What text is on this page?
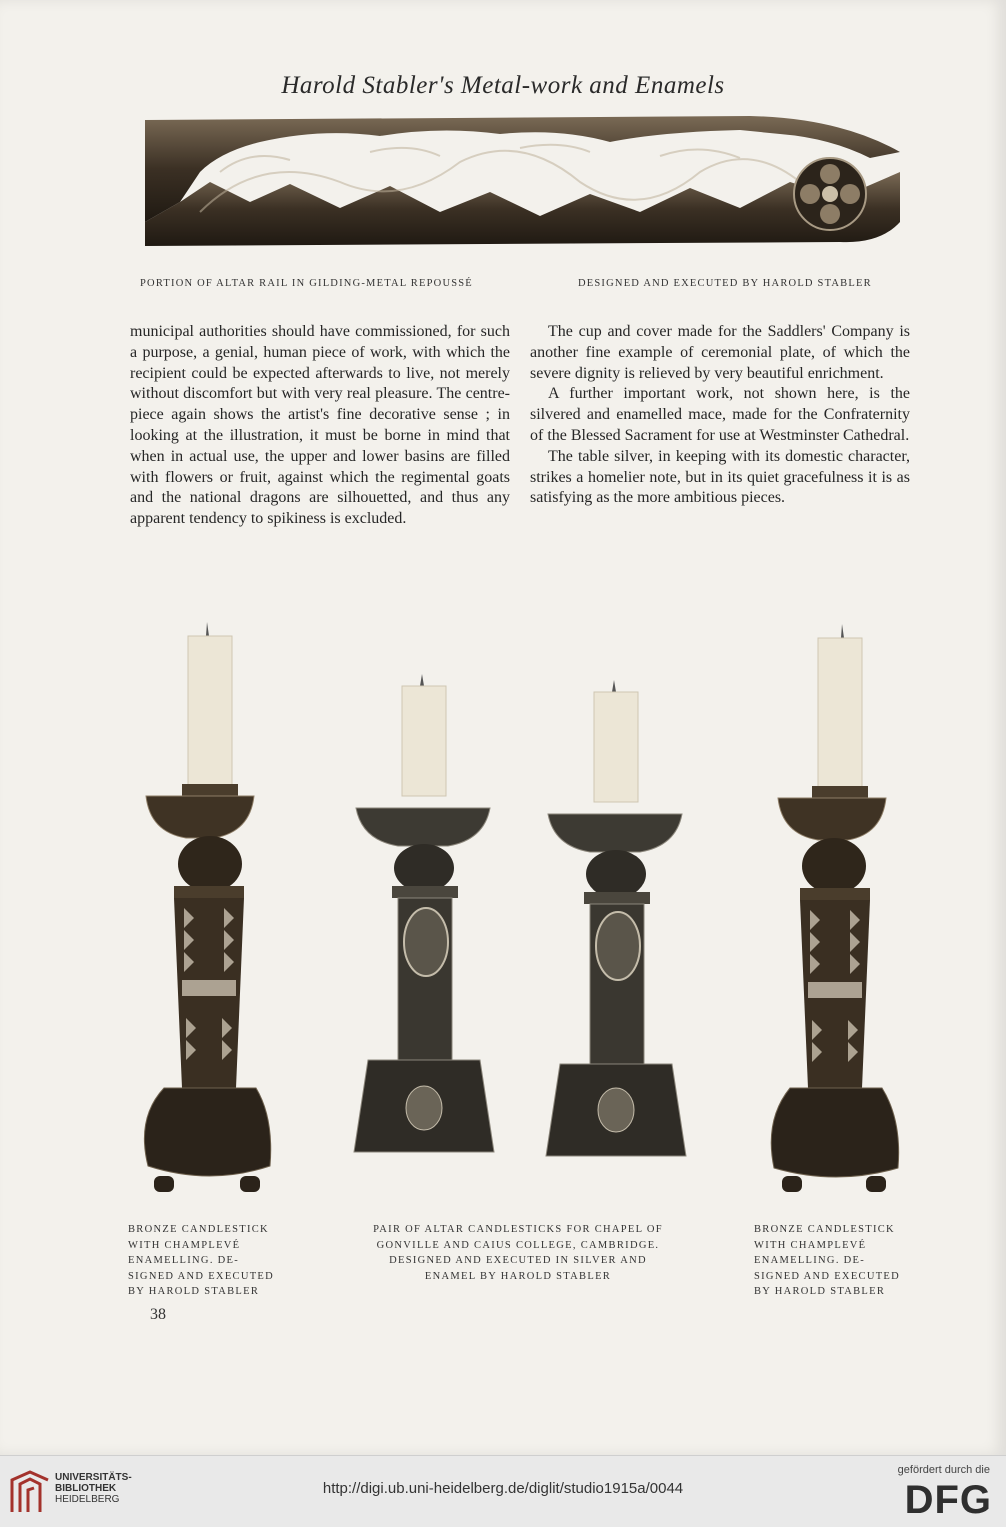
Harold Stabler's Metal-work and Enamels
PORTION OF ALTAR RAIL IN GILDING-METAL REPOUSSÉ	DESIGNED AND EXECUTED BY HAROLD STABLER

municipal authorities should have commissioned, for such a purpose, a genial, human piece of work, with which the recipient could be expected afterwards to live, not merely without discomfort but with very real pleasure. The centre-piece again shows the artist's fine decorative sense ; in looking at the illustration, it must be borne in mind that when in actual use, the upper and lower basins are filled with flowers or fruit, against which the regimental goats and the national dragons are silhouetted, and thus any apparent tendency to spikiness is excluded.

The cup and cover made for the Saddlers' Company is another fine example of ceremonial plate, of which the severe dignity is relieved by very beautiful enrichment.

A further important work, not shown here, is the silvered and enamelled mace, made for the Confraternity of the Blessed Sacrament for use at Westminster Cathedral.

The table silver, in keeping with its domestic character, strikes a homelier note, but in its quiet gracefulness it is as satisfying as the more ambitious pieces.

BRONZE CANDLESTICK
WITH CHAMPLEVÉ
ENAMELLING. DE-
SIGNED AND EXECUTED
BY HAROLD STABLER
PAIR OF ALTAR CANDLESTICKS FOR CHAPEL OF
GONVILLE AND CAIUS COLLEGE, CAMBRIDGE.
DESIGNED AND EXECUTED IN SILVER AND
ENAMEL BY HAROLD STABLER
BRONZE CANDLESTICK
WITH CHAMPLEVÉ
ENAMELLING. DE-
SIGNED AND EXECUTED
BY HAROLD STABLER
38
UNIVERSITÄTS-
BIBLIOTHEK
HEIDELBERG
http://digi.ub.uni-heidelberg.de/diglit/studio1915a/0044
gefördert durch die
DFG
